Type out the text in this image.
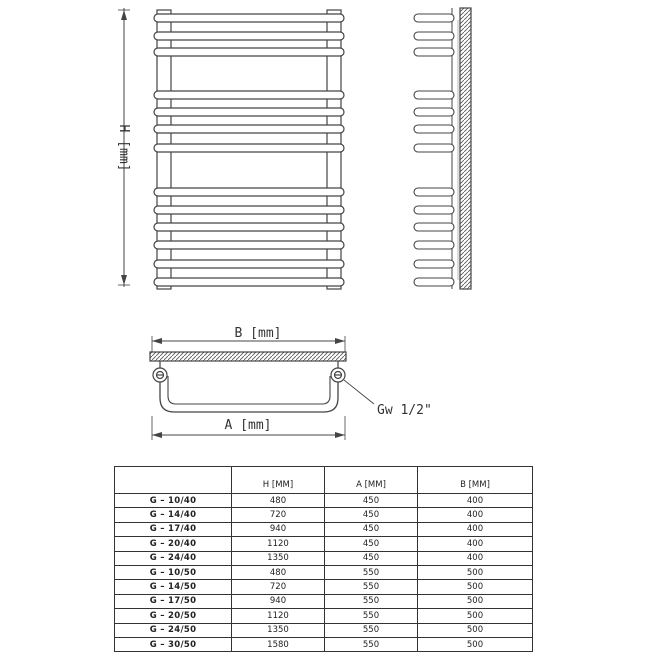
H [mm]
B [mm]
A [mm]
Gw 1/2"
	H [MM]	A [MM]	B [MM]
G – 10/40	480	450	400
G – 14/40	720	450	400
G – 17/40	940	450	400
G – 20/40	1120	450	400
G – 24/40	1350	450	400
G – 10/50	480	550	500
G – 14/50	720	550	500
G – 17/50	940	550	500
G – 20/50	1120	550	500
G – 24/50	1350	550	500
G – 30/50	1580	550	500
